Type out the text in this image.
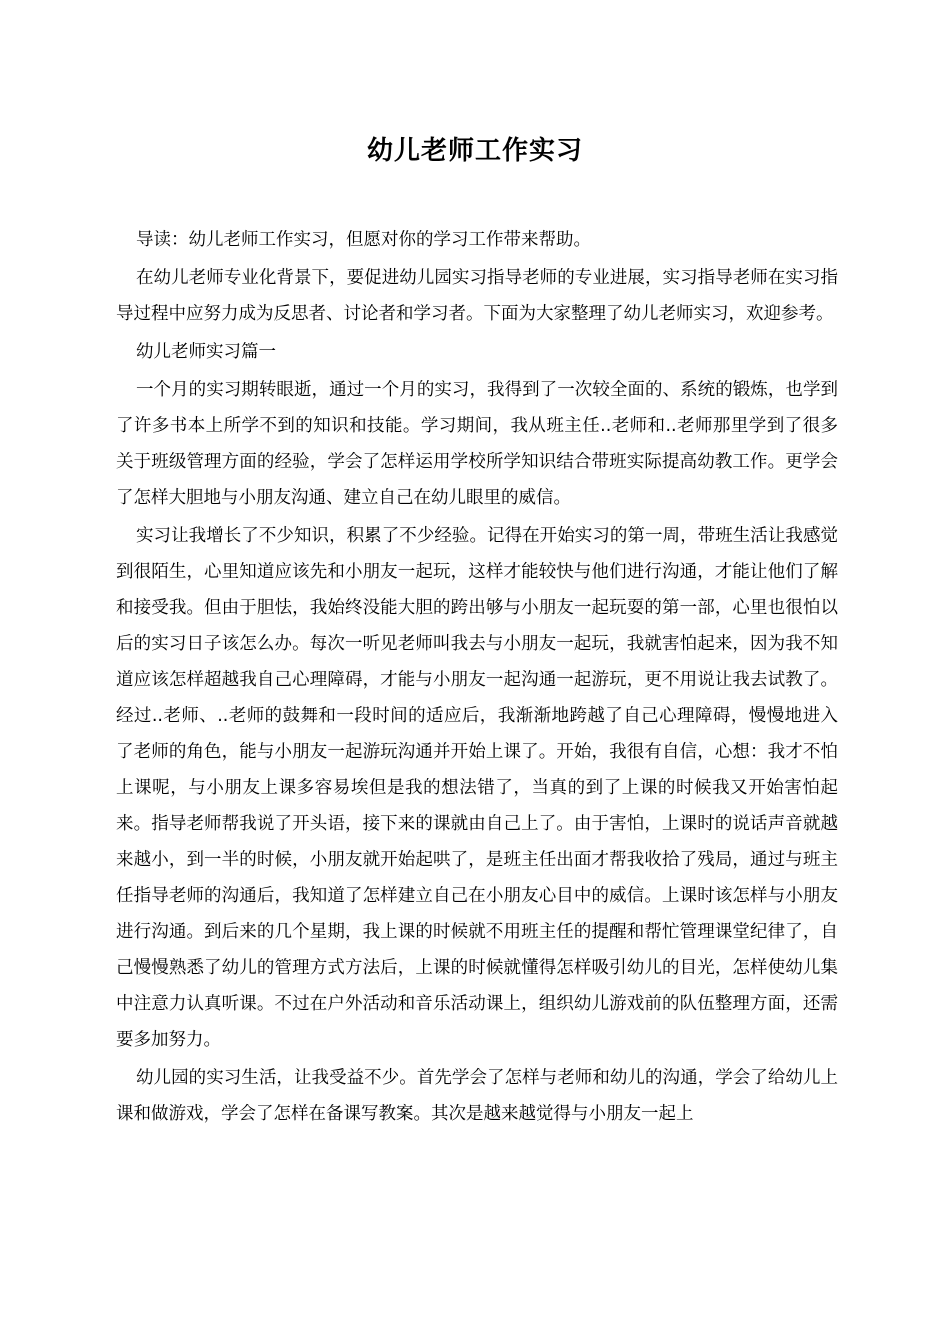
幼儿老师工作实习

导读：幼儿老师工作实习，但愿对你的学习工作带来帮助。

在幼儿老师专业化背景下，要促进幼儿园实习指导老师的专业进展，实习指导老师在实习指导过程中应努力成为反思者、讨论者和学习者。下面为大家整理了幼儿老师实习，欢迎参考。

幼儿老师实习篇一

一个月的实习期转眼逝，通过一个月的实习，我得到了一次较全面的、系统的锻炼，也学到了许多书本上所学不到的知识和技能。学习期间，我从班主任..老师和..老师那里学到了很多关于班级管理方面的经验，学会了怎样运用学校所学知识结合带班实际提高幼教工作。更学会了怎样大胆地与小朋友沟通、建立自己在幼儿眼里的威信。

实习让我增长了不少知识，积累了不少经验。记得在开始实习的第一周，带班生活让我感觉到很陌生，心里知道应该先和小朋友一起玩，这样才能较快与他们进行沟通，才能让他们了解和接受我。但由于胆怯，我始终没能大胆的跨出够与小朋友一起玩耍的第一部，心里也很怕以后的实习日子该怎么办。每次一听见老师叫我去与小朋友一起玩，我就害怕起来，因为我不知道应该怎样超越我自己心理障碍，才能与小朋友一起沟通一起游玩，更不用说让我去试教了。经过..老师、..老师的鼓舞和一段时间的适应后，我渐渐地跨越了自己心理障碍，慢慢地进入了老师的角色，能与小朋友一起游玩沟通并开始上课了。开始，我很有自信，心想：我才不怕上课呢，与小朋友上课多容易埃但是我的想法错了，当真的到了上课的时候我又开始害怕起来。指导老师帮我说了开头语，接下来的课就由自己上了。由于害怕，上课时的说话声音就越来越小，到一半的时候，小朋友就开始起哄了，是班主任出面才帮我收拾了残局，通过与班主任指导老师的沟通后，我知道了怎样建立自己在小朋友心目中的威信。上课时该怎样与小朋友进行沟通。到后来的几个星期，我上课的时候就不用班主任的提醒和帮忙管理课堂纪律了，自己慢慢熟悉了幼儿的管理方式方法后，上课的时候就懂得怎样吸引幼儿的目光，怎样使幼儿集中注意力认真听课。不过在户外活动和音乐活动课上，组织幼儿游戏前的队伍整理方面，还需要多加努力。

幼儿园的实习生活，让我受益不少。首先学会了怎样与老师和幼儿的沟通，学会了给幼儿上课和做游戏，学会了怎样在备课写教案。其次是越来越觉得与小朋友一起上
